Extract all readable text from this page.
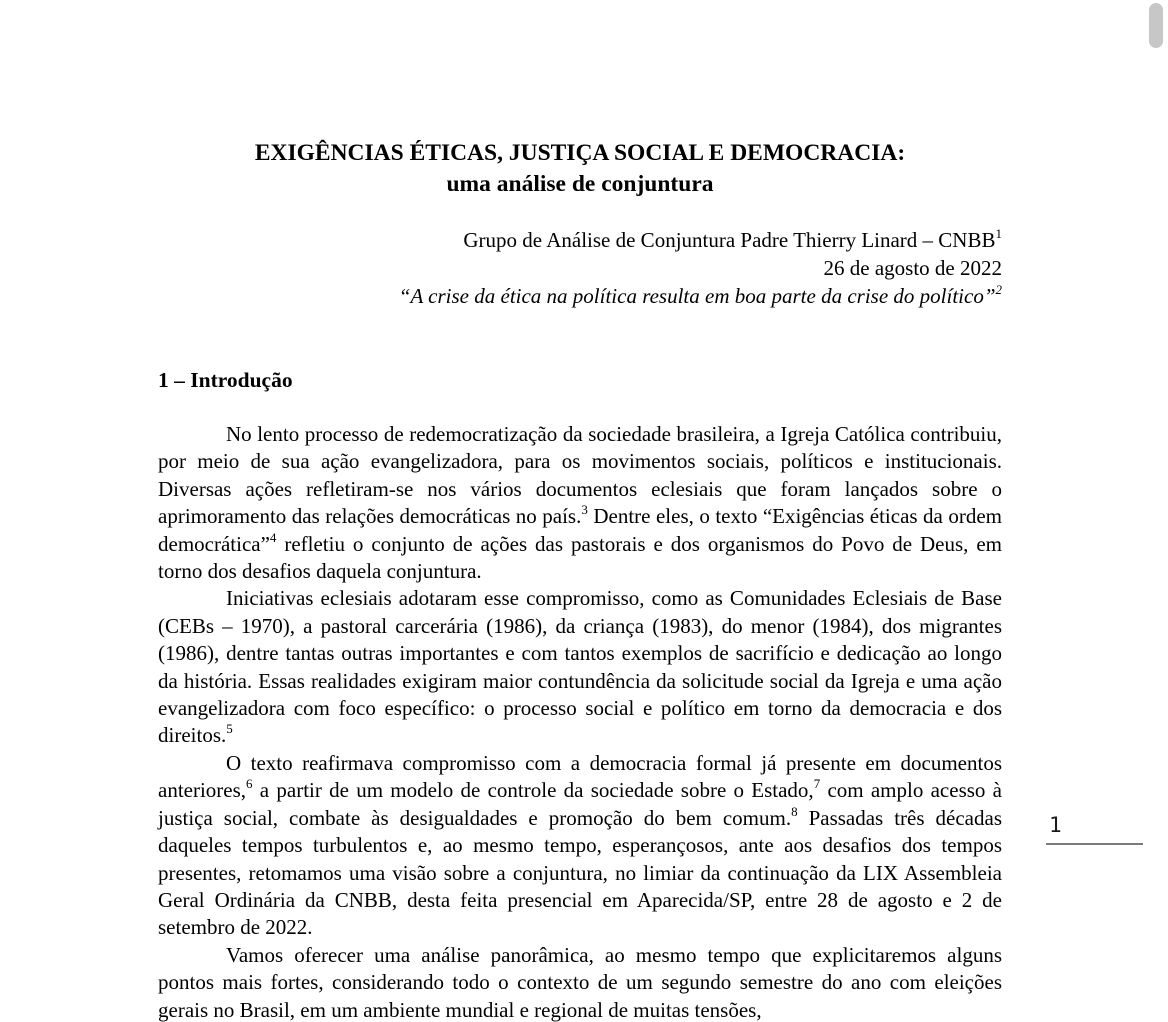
1
EXIGÊNCIAS ÉTICAS, JUSTIÇA SOCIAL E DEMOCRACIA:
uma análise de conjuntura
Grupo de Análise de Conjuntura Padre Thierry Linard – CNBB$^1$
26 de agosto de 2022
“A crise da ética na política resulta em boa parte da crise do político”$^2$
1 – Introdução

No lento processo de redemocratização da sociedade brasileira, a Igreja Católica contribuiu, por meio de sua ação evangelizadora, para os movimentos sociais, políticos e institucionais. Diversas ações refletiram-se nos vários documentos eclesiais que foram lançados sobre o aprimoramento das relações democráticas no país.$^3$ Dentre eles, o texto “Exigências éticas da ordem democrática”$^4$ refletiu o conjunto de ações das pastorais e dos organismos do Povo de Deus, em torno dos desafios daquela conjuntura.

Iniciativas eclesiais adotaram esse compromisso, como as Comunidades Eclesiais de Base (CEBs – 1970), a pastoral carcerária (1986), da criança (1983), do menor (1984), dos migrantes (1986), dentre tantas outras importantes e com tantos exemplos de sacrifício e dedicação ao longo da história. Essas realidades exigiram maior contundência da solicitude social da Igreja e uma ação evangelizadora com foco específico: o processo social e político em torno da democracia e dos direitos.$^5$

O texto reafirmava compromisso com a democracia formal já presente em documentos anteriores,$^6$ a partir de um modelo de controle da sociedade sobre o Estado,$^7$ com amplo acesso à justiça social, combate às desigualdades e promoção do bem comum.$^8$ Passadas três décadas daqueles tempos turbulentos e, ao mesmo tempo, esperançosos, ante aos desafios dos tempos presentes, retomamos uma visão sobre a conjuntura, no limiar da continuação da LIX Assembleia Geral Ordinária da CNBB, desta feita presencial em Aparecida/SP, entre 28 de agosto e 2 de setembro de 2022.

Vamos oferecer uma análise panorâmica, ao mesmo tempo que explicitaremos alguns pontos mais fortes, considerando todo o contexto de um segundo semestre do ano com eleições gerais no Brasil, em um ambiente mundial e regional de muitas tensões,
